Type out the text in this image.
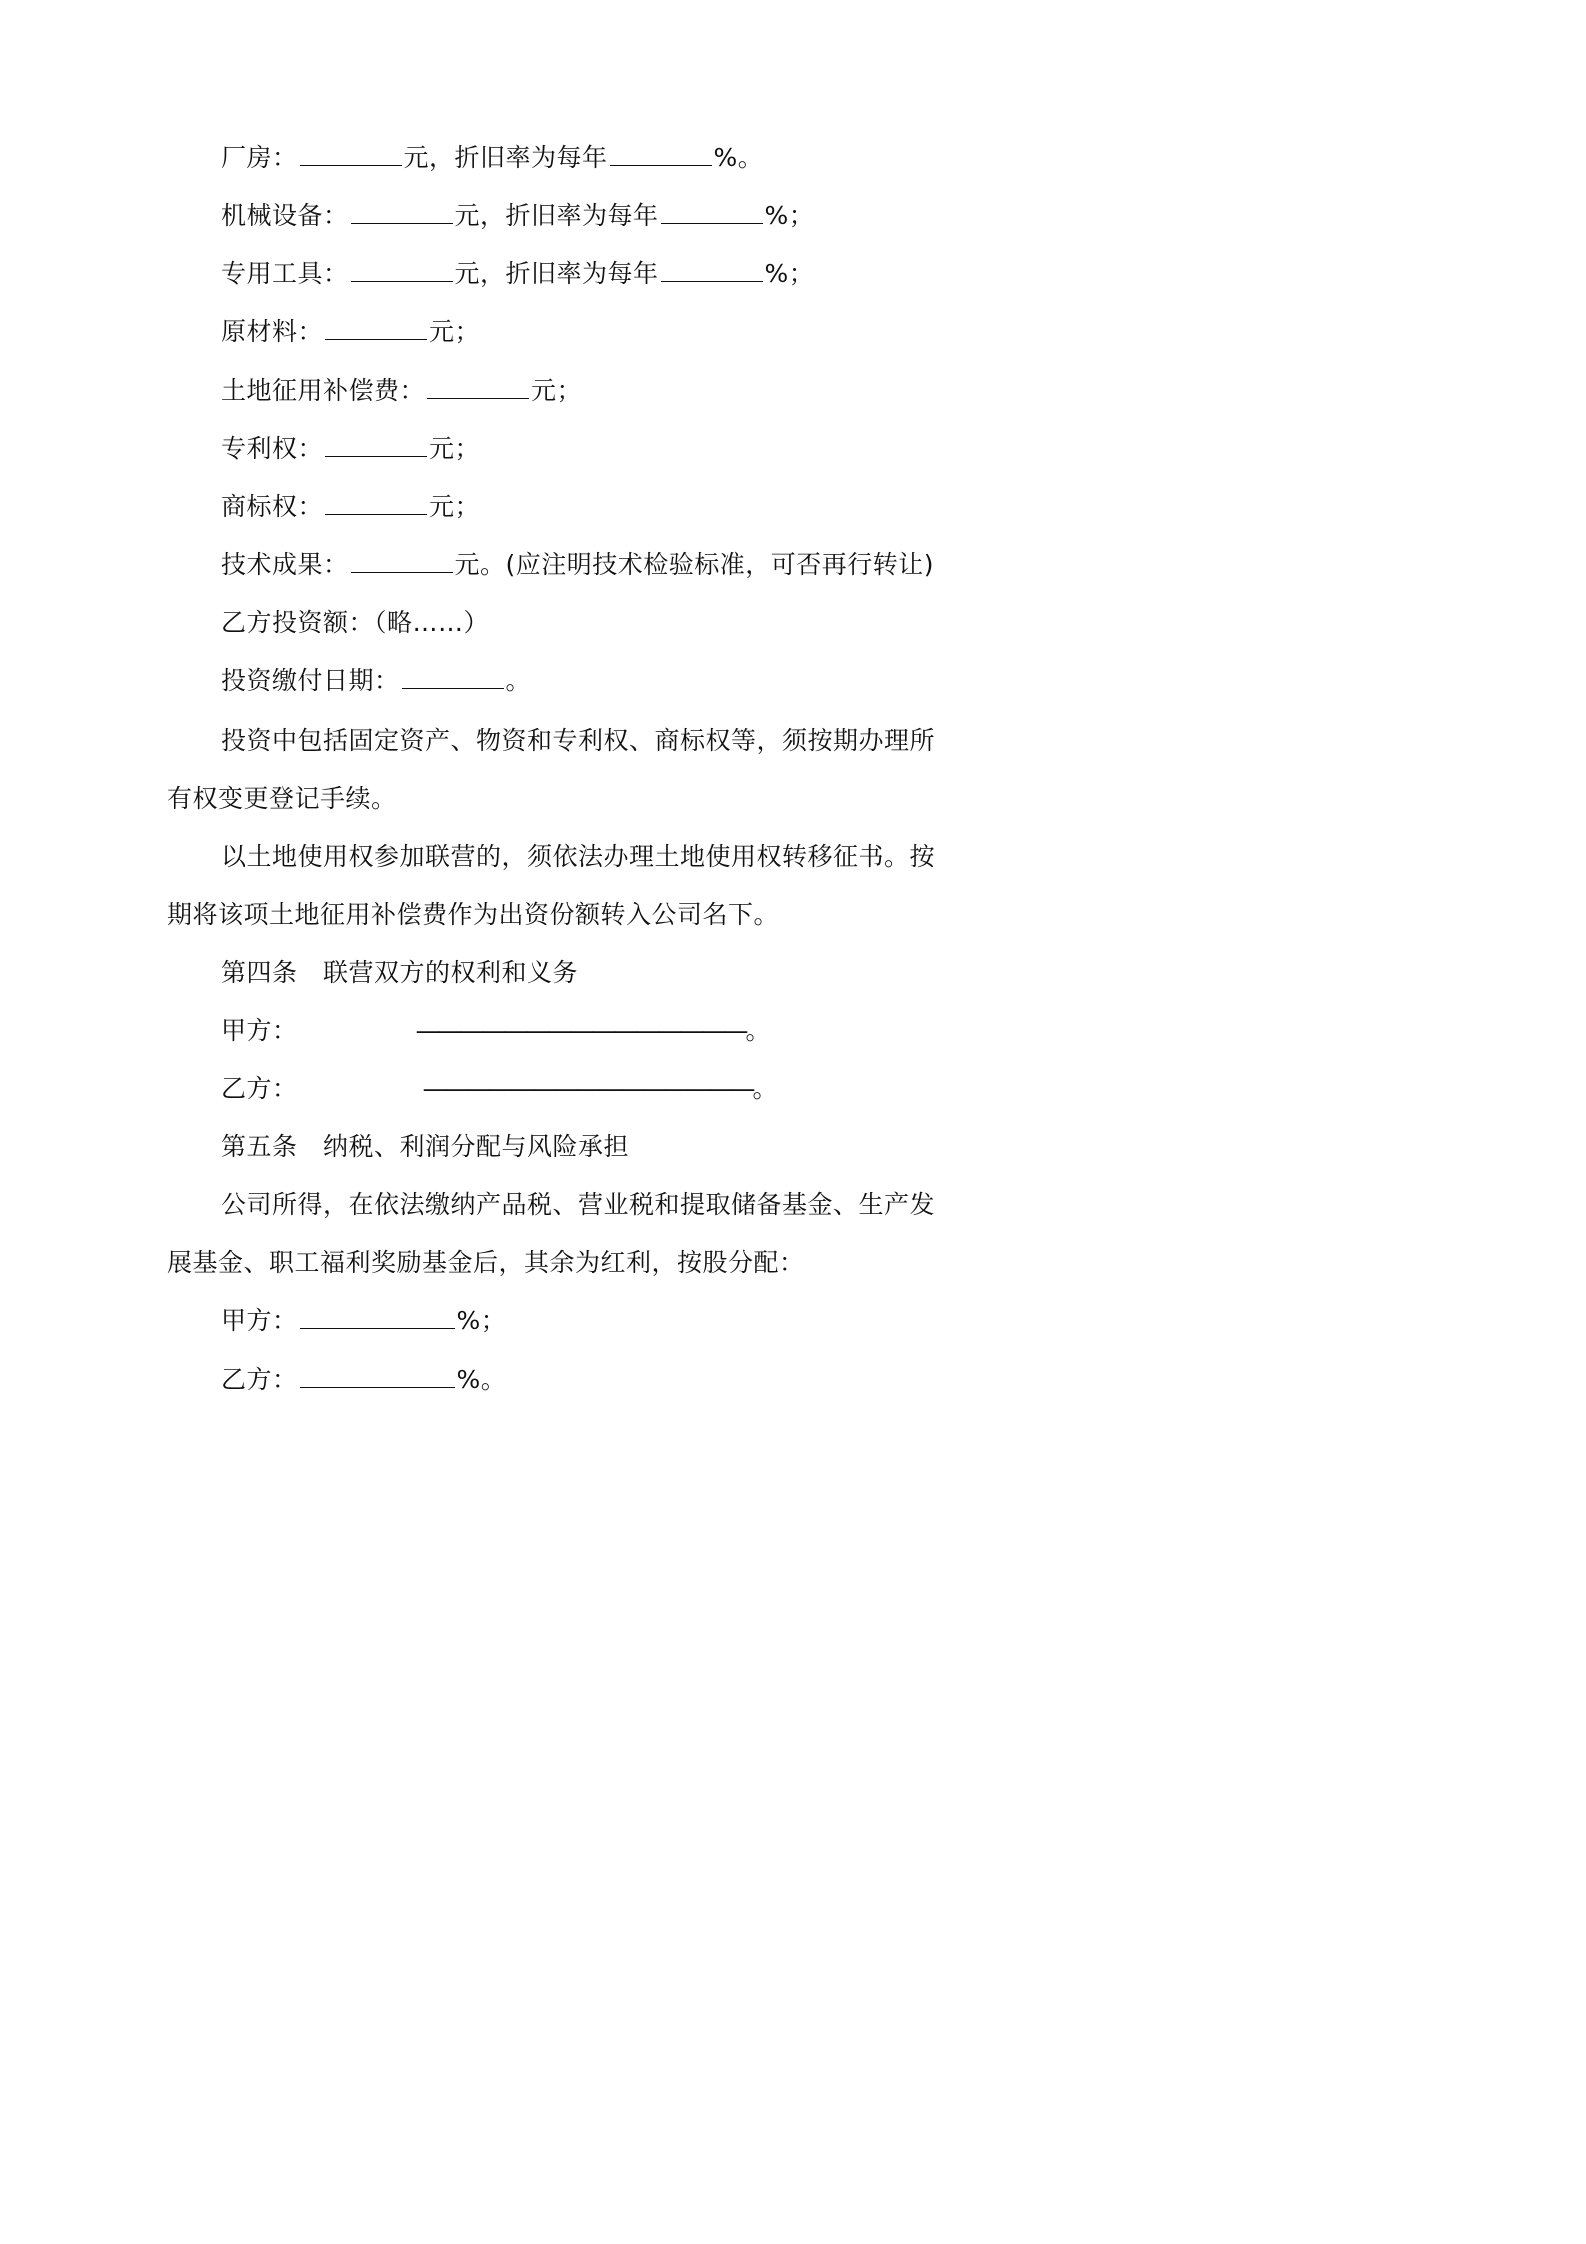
厂房：	元，折旧率为每年	%。
机械设备：	元，折旧率为每年	%；
专用工具：	元，折旧率为每年	%；
原材料：	元；
土地征用补偿费：	元；
专利权：	元；
商标权：	元；
技术成果：	元。(应注明技术检验标准，可否再行转让)
乙方投资额：（略……）
投资缴付日期：	。
投资中包括固定资产、物资和专利权、商标权等，须按期办理所
有权变更登记手续。
以土地使用权参加联营的，须依法办理土地使用权转移征书。按
期将该项土地征用补偿费作为出资份额转入公司名下。
第四条　联营双方的权利和义务
甲方：	———————————————。
乙方：	———————————————。
第五条　纳税、利润分配与风险承担
公司所得，在依法缴纳产品税、营业税和提取储备基金、生产发
展基金、职工福利奖励基金后，其余为红利，按股分配：
甲方：	%；
乙方：	%。
